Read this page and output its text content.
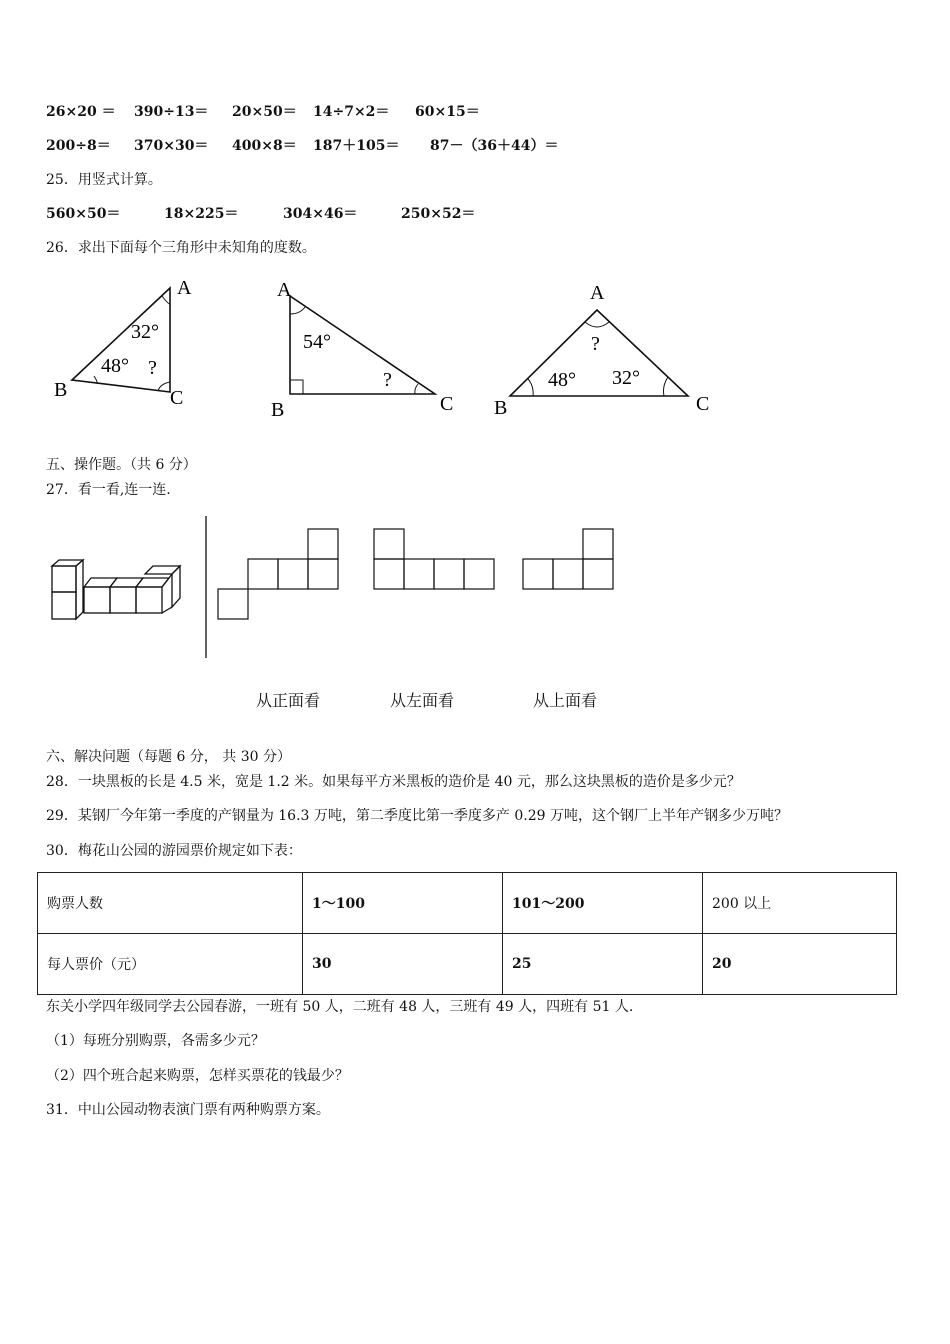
26×20 ＝ 390÷13＝ 20×50＝ 14÷7×2＝ 60×15＝
200÷8＝ 370×30＝ 400×8＝ 187＋105＝ 87－（36＋44）＝
25．用竖式计算。
560×50＝	18×225＝	304×46＝	250×52＝
26．求出下面每个三角形中未知角的度数。
A
B	C
32°
48° ?
A
B	C
54°
?
A
B	C
?
48° 32°
五、操作题。（共 6 分）
27．看一看,连一连.
从正面看	从左面看	从上面看
六、解决问题（每题 6 分， 共 30 分）
28．一块黑板的长是 4.5 米，宽是 1.2 米。如果每平方米黑板的造价是 40 元，那么这块黑板的造价是多少元？
29．某钢厂今年第一季度的产钢量为 16.3 万吨，第二季度比第一季度多产 0.29 万吨，这个钢厂上半年产钢多少万吨？
30．梅花山公园的游园票价规定如下表：
购票人数	1～100	101～200	200 以上
每人票价（元）	30	25	20
东关小学四年级同学去公园春游，一班有 50 人，二班有 48 人，三班有 49 人，四班有 51 人.
（1）每班分别购票，各需多少元？
（2）四个班合起来购票，怎样买票花的钱最少？
31．中山公园动物表演门票有两种购票方案。
